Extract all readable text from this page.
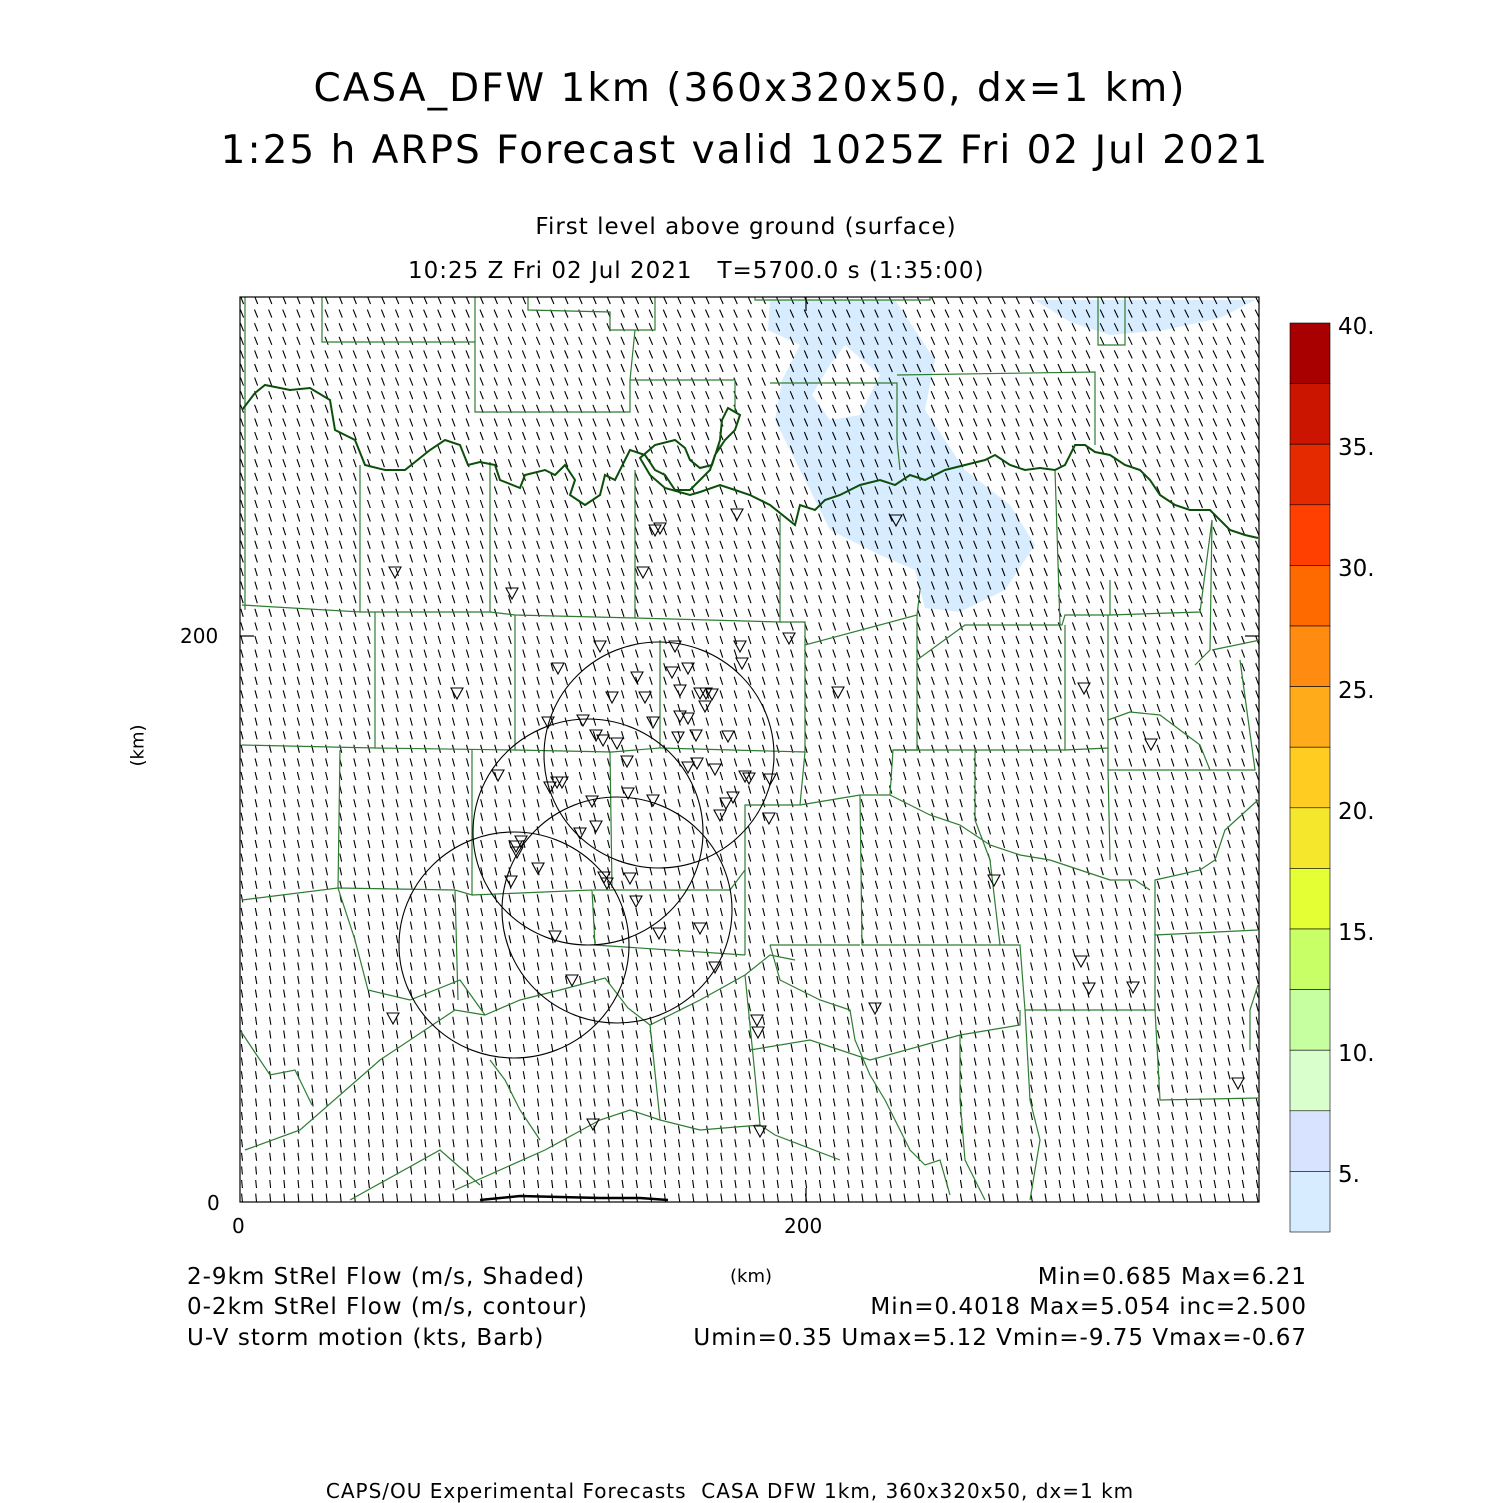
CASA_DFW 1km (360x320x50, dx=1 km)
1:25 h ARPS Forecast valid 1025Z Fri 02 Jul 2021
First level above ground (surface)
10:25 Z Fri 02 Jul 2021   T=5700.0 s (1:35:00)
200
0
0	200
(km)
(km)
40.
35.
30.
25.
20.
15.
10.
5.
2-9km StRel Flow (m/s, Shaded)	Min=0.685 Max=6.21
0-2km StRel Flow (m/s, contour)	Min=0.4018 Max=5.054 inc=2.500
U-V storm motion (kts, Barb)	Umin=0.35 Umax=5.12 Vmin=-9.75 Vmax=-0.67
CAPS/OU Experimental Forecasts  CASA DFW 1km, 360x320x50, dx=1 km
